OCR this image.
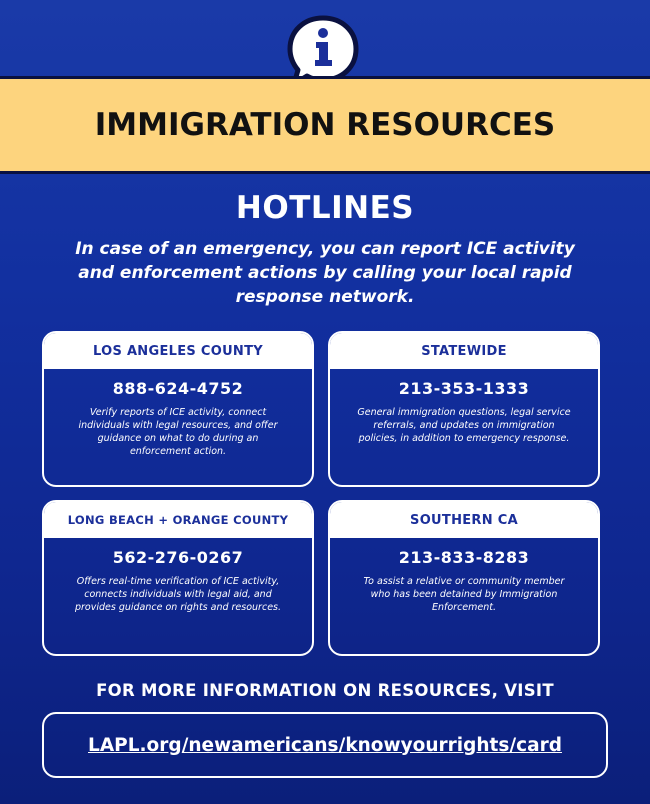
IMMIGRATION RESOURCES
HOTLINES
In case of an emergency, you can report ICE activity and enforcement actions by calling your local rapid response network.
LOS ANGELES COUNTY
888-624-4752
Verify reports of ICE activity, connect individuals with legal resources, and offer guidance on what to do during an enforcement action.
STATEWIDE
213-353-1333
General immigration questions, legal service referrals, and updates on immigration policies, in addition to emergency response.
LONG BEACH + ORANGE COUNTY
562-276-0267
Offers real-time verification of ICE activity, connects individuals with legal aid, and provides guidance on rights and resources.
SOUTHERN CA
213-833-8283
To assist a relative or community member who has been detained by Immigration Enforcement.
FOR MORE INFORMATION ON RESOURCES, VISIT
LAPL.org/newamericans/knowyourrights/card
